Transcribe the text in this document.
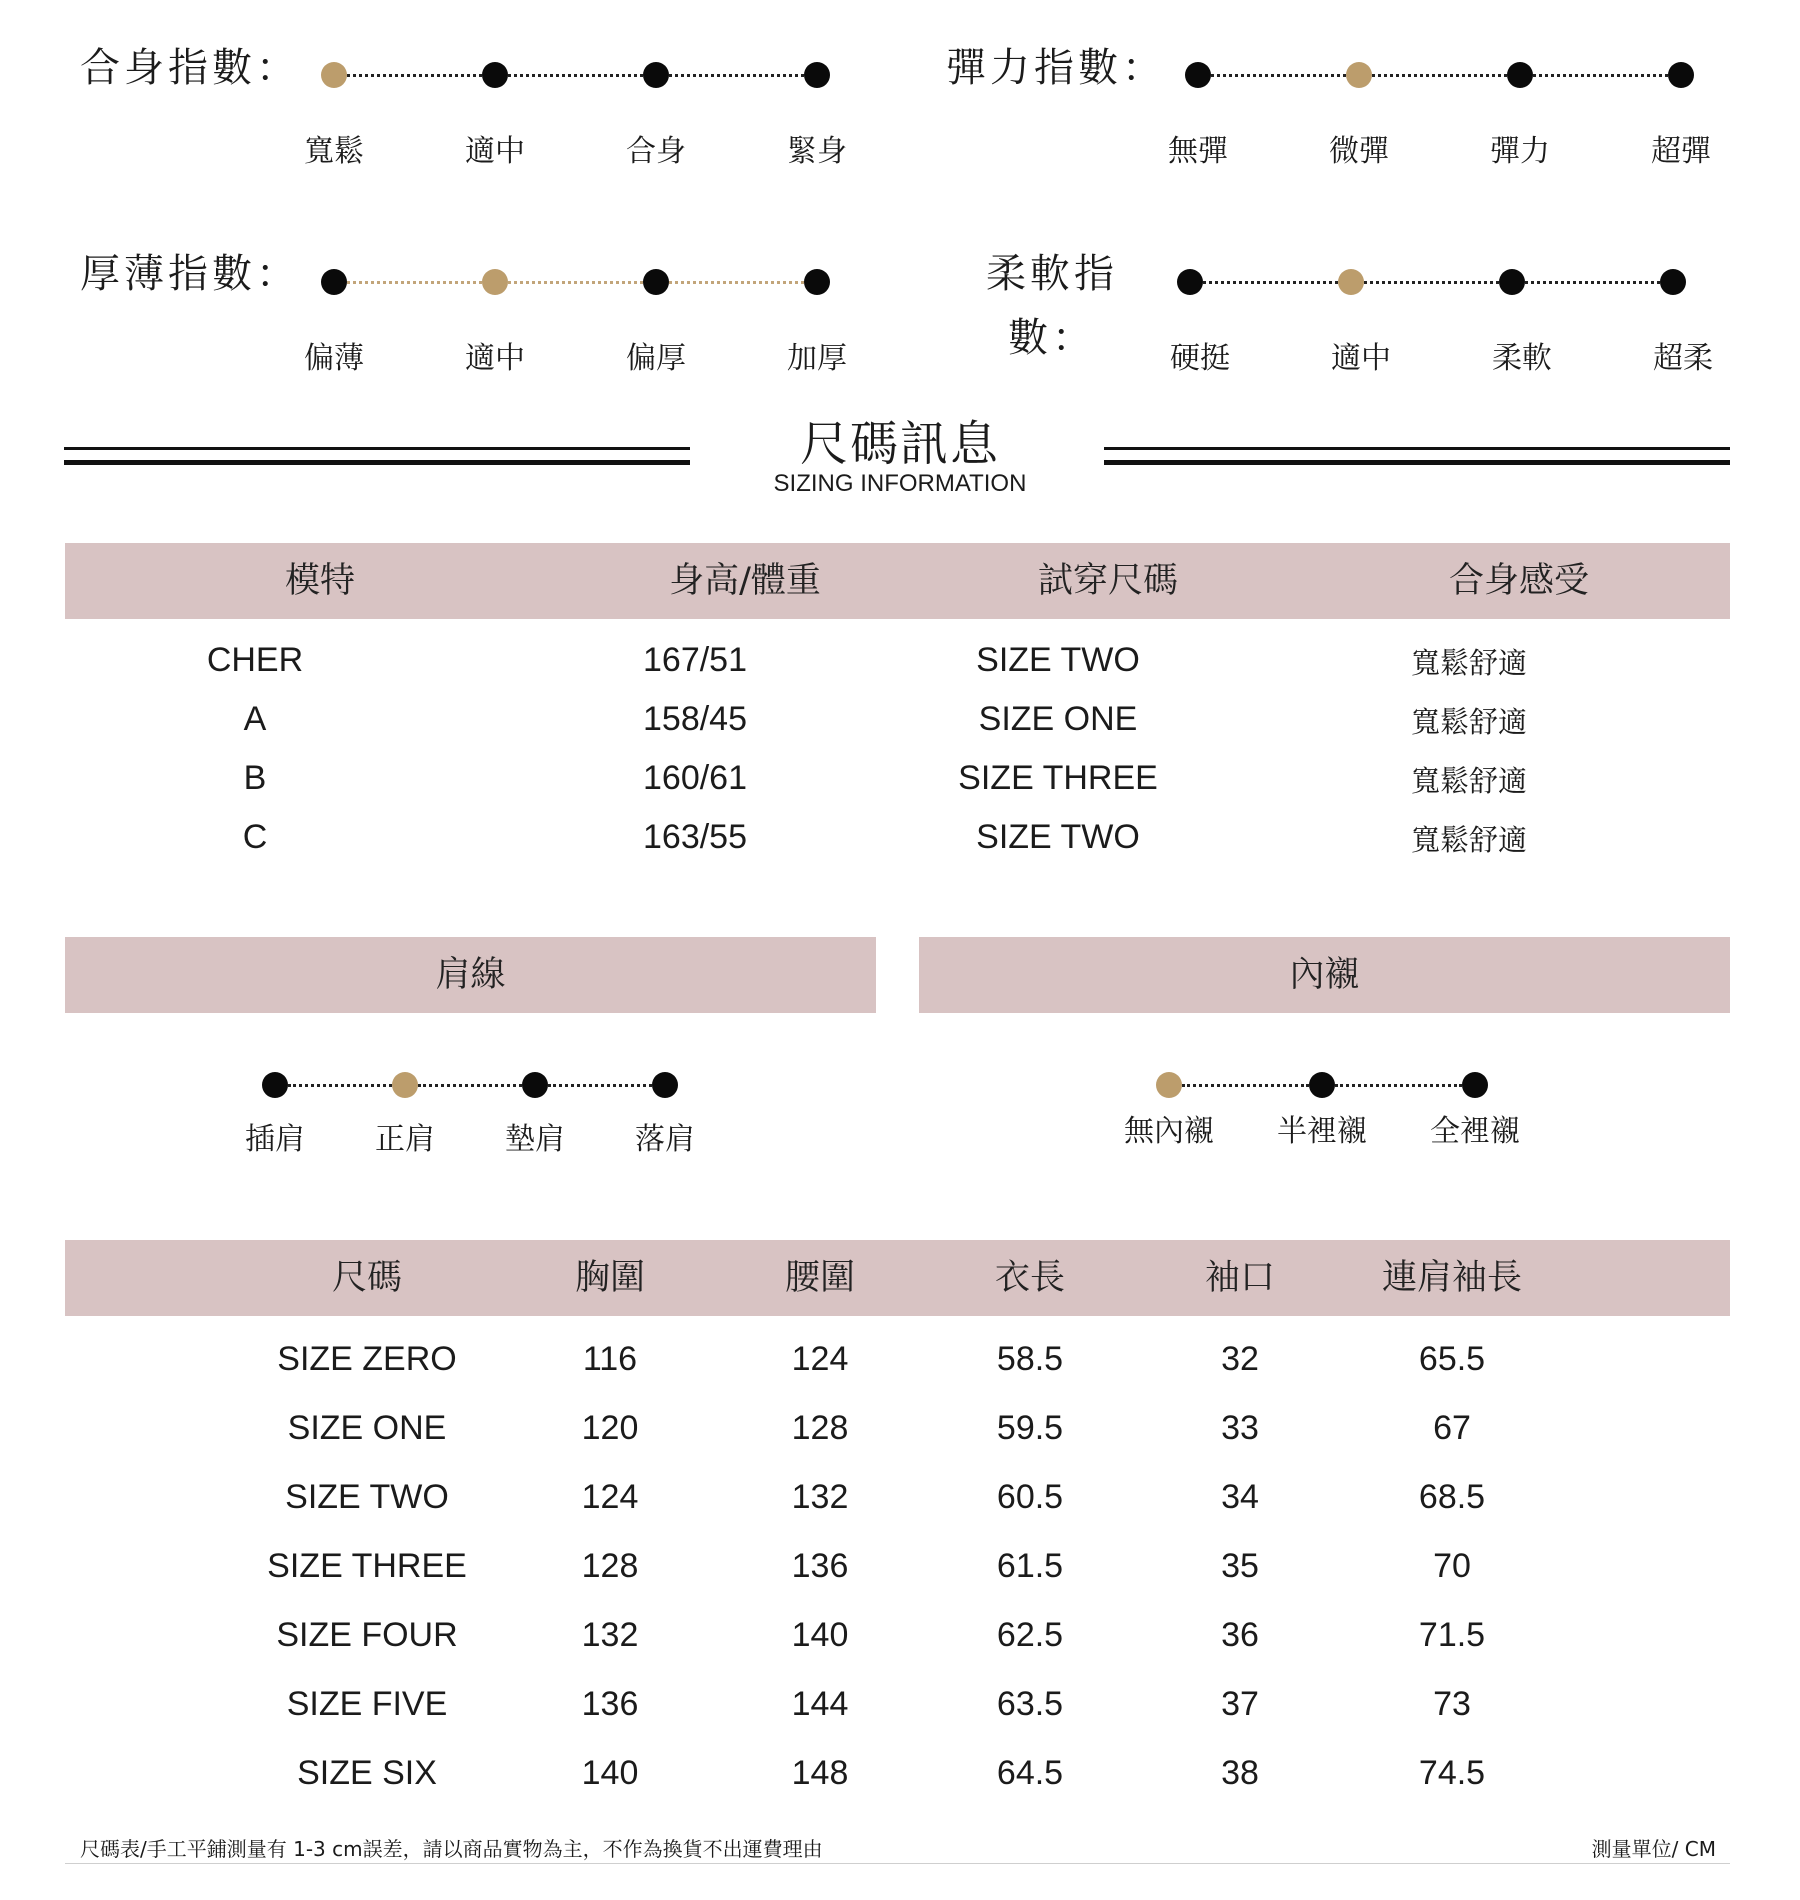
合身指數：
寬鬆	適中	合身	緊身
彈力指數：
無彈	微彈	彈力	超彈
厚薄指數：
偏薄	適中	偏厚	加厚
柔軟指
數：	硬挺	適中	柔軟	超柔
尺碼訊息
SIZING INFORMATION
模特	身高/體重	試穿尺碼	合身感受
CHER	167/51	SIZE TWO	寬鬆舒適
A	158/45	SIZE ONE	寬鬆舒適
B	160/61	SIZE THREE	寬鬆舒適
C	163/55	SIZE TWO	寬鬆舒適
肩線	內襯
插肩	正肩	墊肩	落肩	無內襯	半裡襯	全裡襯
尺碼	胸圍	腰圍	衣長	袖口	連肩袖長
SIZE ZERO	116	124	58.5	32	65.5
SIZE ONE	120	128	59.5	33	67
SIZE TWO	124	132	60.5	34	68.5
SIZE THREE	128	136	61.5	35	70
SIZE FOUR	132	140	62.5	36	71.5
SIZE FIVE	136	144	63.5	37	73
SIZE SIX	140	148	64.5	38	74.5
尺碼表/手工平鋪測量有 1-3 cm誤差，請以商品實物為主，不作為換貨不出運費理由	測量單位/ CM
